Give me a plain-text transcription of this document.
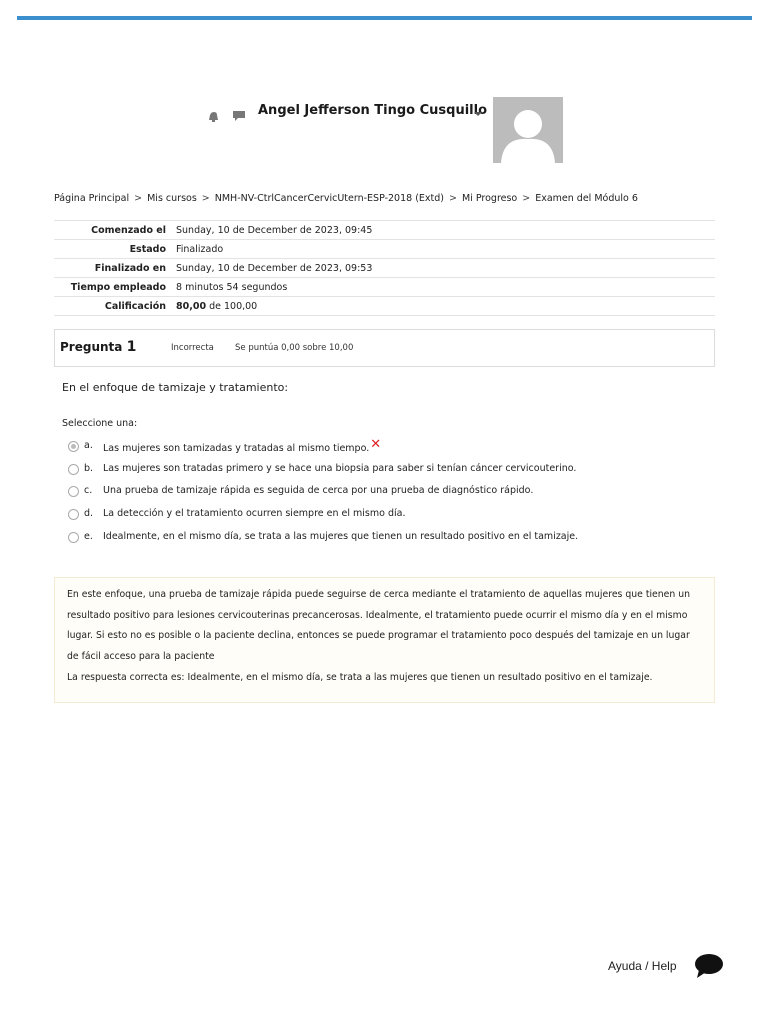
Angel Jefferson Tingo Cusquillo
Página Principal > Mis cursos > NMH-NV-CtrlCancerCervicUtern-ESP-2018 (Extd) > Mi Progreso > Examen del Módulo 6
Comenzado el	Sunday, 10 de December de 2023, 09:45
Estado	Finalizado
Finalizado en	Sunday, 10 de December de 2023, 09:53
Tiempo empleado	8 minutos 54 segundos
Calificación	80,00 de 100,00
Pregunta 1	Incorrecta Se puntúa 0,00 sobre 10,00
En el enfoque de tamizaje y tratamiento:
Seleccione una:
a. Las mujeres son tamizadas y tratadas al mismo tiempo.✕
b. Las mujeres son tratadas primero y se hace una biopsia para saber si tenían cáncer cervicouterino.
c. Una prueba de tamizaje rápida es seguida de cerca por una prueba de diagnóstico rápido.
d. La detección y el tratamiento ocurren siempre en el mismo día.
e. Idealmente, en el mismo día, se trata a las mujeres que tienen un resultado positivo en el tamizaje.
En este enfoque, una prueba de tamizaje rápida puede seguirse de cerca mediante el tratamiento de aquellas mujeres que tienen un resultado positivo para lesiones cervicouterinas precancerosas. Idealmente, el tratamiento puede ocurrir el mismo día y en el mismo lugar. Si esto no es posible o la paciente declina, entonces se puede programar el tratamiento poco después del tamizaje en un lugar de fácil acceso para la paciente
La respuesta correcta es: Idealmente, en el mismo día, se trata a las mujeres que tienen un resultado positivo en el tamizaje.
Ayuda / Help
